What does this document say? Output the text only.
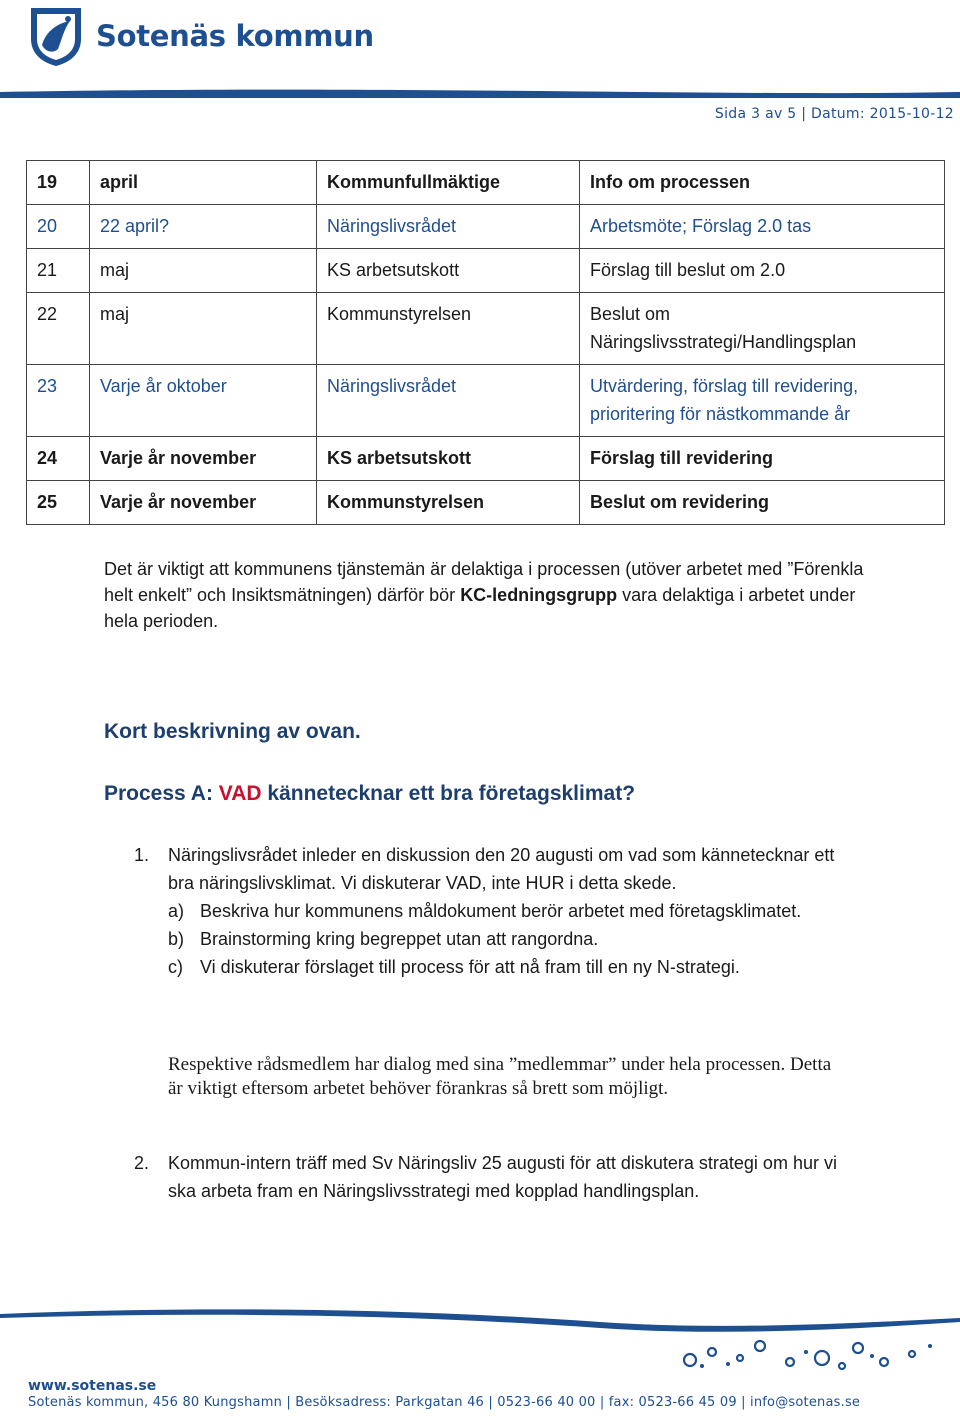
Sotenäs kommun
Sida 3 av 5 | Datum: 2015-10-12
19	april	Kommunfullmäktige	Info om processen
20	22 april?	Näringslivsrådet	Arbetsmöte; Förslag 2.0 tas
21	maj	KS arbetsutskott	Förslag till beslut om 2.0
22	maj	Kommunstyrelsen	Beslut om Näringslivsstrategi/Handlingsplan
23	Varje år oktober	Näringslivsrådet	Utvärdering, förslag till revidering, prioritering för nästkommande år
24	Varje år november	KS arbetsutskott	Förslag till revidering
25	Varje år november	Kommunstyrelsen	Beslut om revidering

Det är viktigt att kommunens tjänstemän är delaktiga i processen (utöver arbetet med ”Förenkla helt enkelt” och Insiktsmätningen) därför bör KC-ledningsgrupp vara delaktiga i arbetet under hela perioden.

Kort beskrivning av ovan.
Process A: VAD kännetecknar ett bra företagsklimat?
1. Näringslivsrådet inleder en diskussion den 20 augusti om vad som kännetecknar ett bra näringslivsklimat. Vi diskuterar VAD, inte HUR i detta skede.
a) Beskriva hur kommunens måldokument berör arbetet med företagsklimatet.
b) Brainstorming kring begreppet utan att rangordna.
c) Vi diskuterar förslaget till process för att nå fram till en ny N-strategi.

Respektive rådsmedlem har dialog med sina ”medlemmar” under hela processen. Detta är viktigt eftersom arbetet behöver förankras så brett som möjligt.

2. Kommun-intern träff med Sv Näringsliv 25 augusti för att diskutera strategi om hur vi ska arbeta fram en Näringslivsstrategi med kopplad handlingsplan.
www.sotenas.se
Sotenäs kommun, 456 80 Kungshamn | Besöksadress: Parkgatan 46 | 0523-66 40 00 | fax: 0523-66 45 09 | info@sotenas.se
